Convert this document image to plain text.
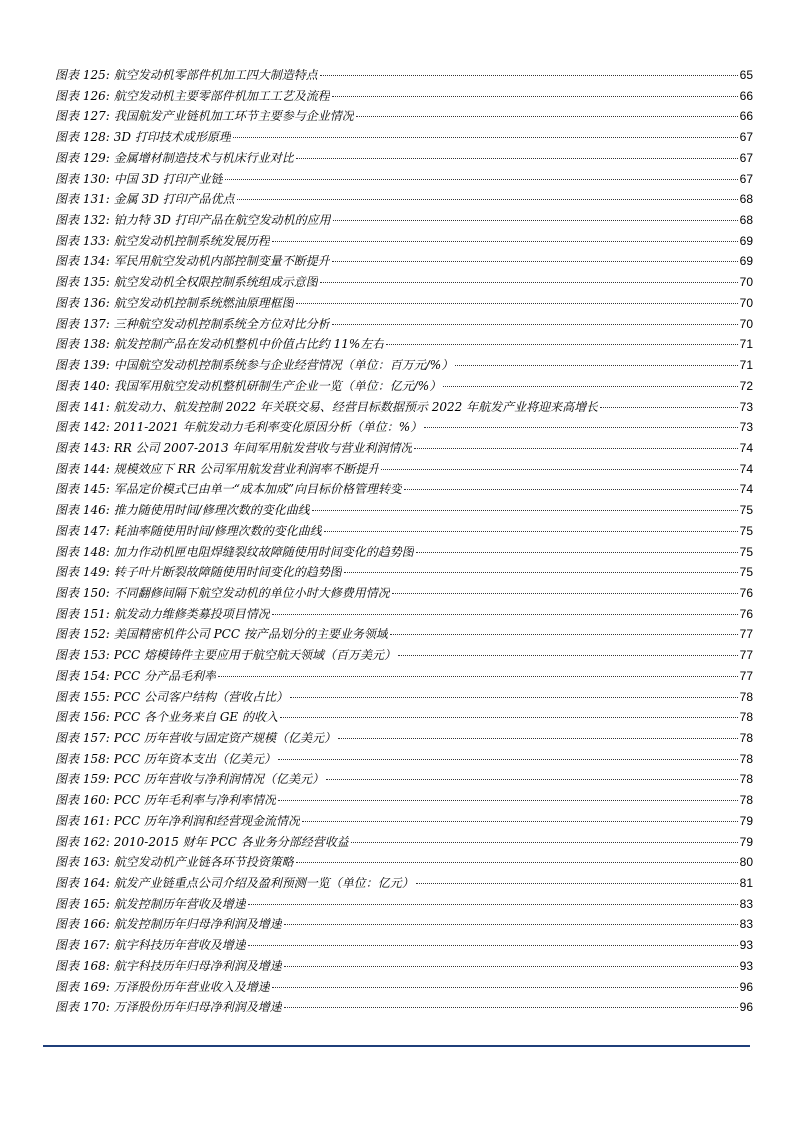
图表 125: 航空发动机零部件机加工四大制造特点	65
图表 126: 航空发动机主要零部件机加工工艺及流程	66
图表 127: 我国航发产业链机加工环节主要参与企业情况	66
图表 128: 3D 打印技术成形原理	67
图表 129: 金属增材制造技术与机床行业对比	67
图表 130: 中国 3D 打印产业链	67
图表 131: 金属 3D 打印产品优点	68
图表 132: 铂力特 3D 打印产品在航空发动机的应用	68
图表 133: 航空发动机控制系统发展历程	69
图表 134: 军民用航空发动机内部控制变量不断提升	69
图表 135: 航空发动机全权限控制系统组成示意图	70
图表 136: 航空发动机控制系统燃油原理框图	70
图表 137: 三种航空发动机控制系统全方位对比分析	70
图表 138: 航发控制产品在发动机整机中价值占比约 11%左右	71
图表 139: 中国航空发动机控制系统参与企业经营情况（单位：百万元/%）	71
图表 140: 我国军用航空发动机整机研制生产企业一览（单位：亿元/%）	72
图表 141: 航发动力、航发控制 2022 年关联交易、经营目标数据预示 2022 年航发产业将迎来高增长	73
图表 142: 2011-2021 年航发动力毛利率变化原因分析（单位：%）	73
图表 143: RR 公司 2007-2013 年间军用航发营收与营业利润情况	74
图表 144: 规模效应下 RR 公司军用航发营业利润率不断提升	74
图表 145: 军品定价模式已由单一“成本加成”向目标价格管理转变	74
图表 146: 推力随使用时间/修理次数的变化曲线	75
图表 147: 耗油率随使用时间/修理次数的变化曲线	75
图表 148: 加力作动机匣电阻焊缝裂纹故障随使用时间变化的趋势图	75
图表 149: 转子叶片断裂故障随使用时间变化的趋势图	75
图表 150: 不同翻修间隔下航空发动机的单位小时大修费用情况	76
图表 151: 航发动力维修类募投项目情况	76
图表 152: 美国精密机件公司 PCC 按产品划分的主要业务领域	77
图表 153: PCC 熔模铸件主要应用于航空航天领域（百万美元）	77
图表 154: PCC 分产品毛利率	77
图表 155: PCC 公司客户结构（营收占比）	78
图表 156: PCC 各个业务来自 GE 的收入	78
图表 157: PCC 历年营收与固定资产规模（亿美元）	78
图表 158: PCC 历年资本支出（亿美元）	78
图表 159: PCC 历年营收与净利润情况（亿美元）	78
图表 160: PCC 历年毛利率与净利率情况	78
图表 161: PCC 历年净利润和经营现金流情况	79
图表 162: 2010-2015 财年 PCC 各业务分部经营收益	79
图表 163: 航空发动机产业链各环节投资策略	80
图表 164: 航发产业链重点公司介绍及盈利预测一览（单位：亿元）	81
图表 165: 航发控制历年营收及增速	83
图表 166: 航发控制历年归母净利润及增速	83
图表 167: 航宇科技历年营收及增速	93
图表 168: 航宇科技历年归母净利润及增速	93
图表 169: 万泽股份历年营业收入及增速	96
图表 170: 万泽股份历年归母净利润及增速	96
